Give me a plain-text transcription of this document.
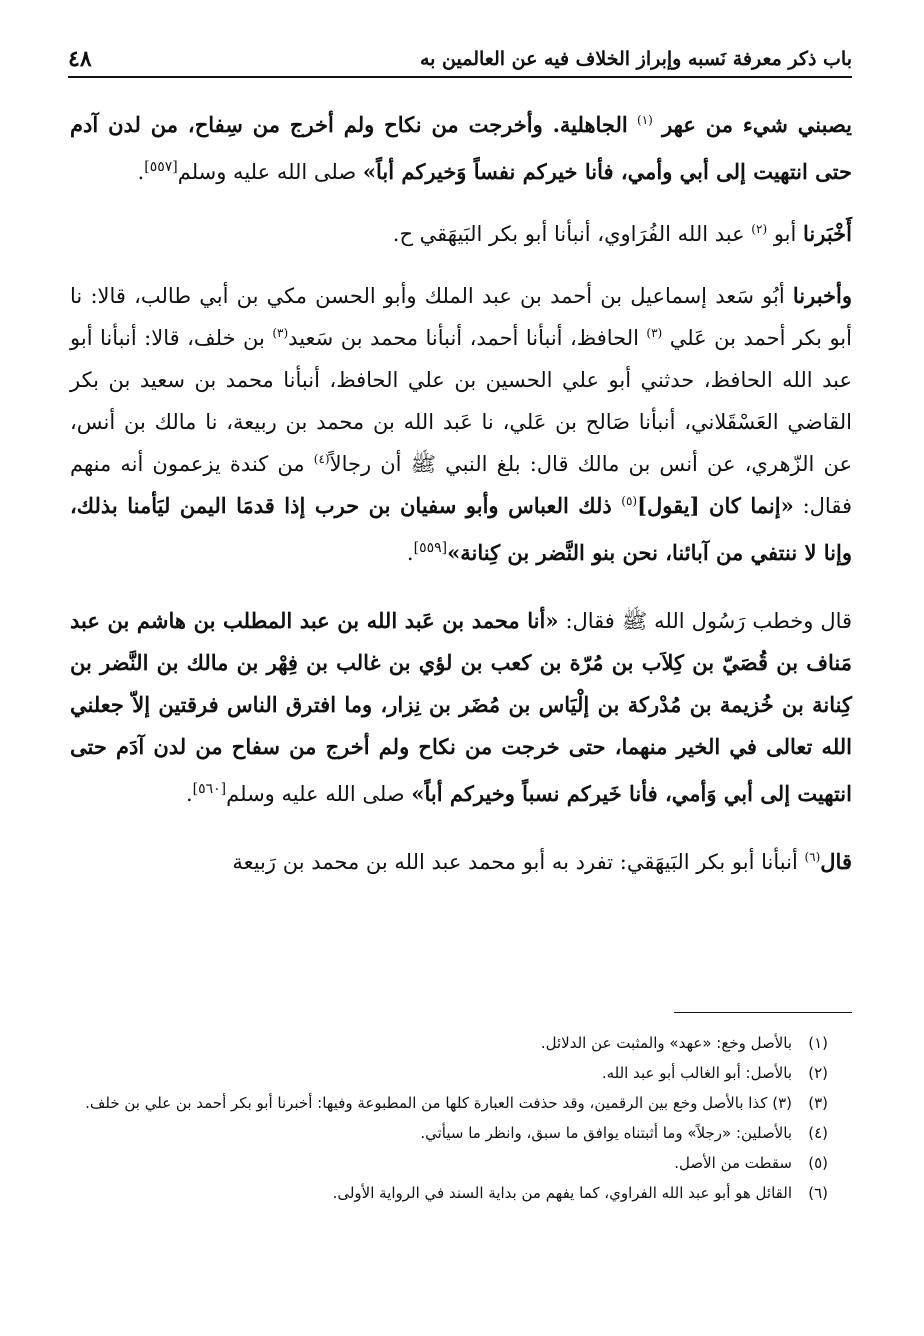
باب ذكر معرفة نَسبه وإبراز الخلاف فيه عن العالمين به
٤٨

يصبني شيء من عهر $^{(١)}$ الجاهلية. وأخرجت من نكاح ولم أخرج من سِفاح، من لدن آدم حتى انتهيت إلى أبي وأمي، فأنا خيركم نفساً وَخيركم أباً» صلى الله عليه وسلم[٥٥٧].

أَخْبَرنا أبو $^{(٢)}$ عبد الله الفُرَاوي، أنبأنا أبو بكر البَيهَقي ح.

وأخبرنا أبُو سَعد إسماعيل بن أحمد بن عبد الملك وأبو الحسن مكي بن أبي طالب، قالا: نا أبو بكر أحمد بن عَلي $^{(٣)}$ الحافظ، أنبأنا أحمد، أنبأنا محمد بن سَعيد$^{(٣)}$ بن خلف، قالا: أنبأنا أبو عبد الله الحافظ، حدثني أبو علي الحسين بن علي الحافظ، أنبأنا محمد بن سعيد بن بكر القاضي العَسْقَلاني، أنبأنا صَالح بن عَلي، نا عَبد الله بن محمد بن ربيعة، نا مالك بن أنس، عن الزّهري، عن أنس بن مالك قال: بلغ النبي ﷺ أن رجالاً$^{(٤)}$ من كندة يزعمون أنه منهم فقال: «إنما كان [يقول]$^{(٥)}$ ذلك العباس وأبو سفيان بن حرب إذا قدمَا اليمن ليَأمنا بذلك، وإنا لا ننتفي من آبائنا، نحن بنو النَّضر بن كِنانة»[٥٥٩].

قال وخطب رَسُول الله ﷺ فقال: «أنا محمد بن عَبد الله بن عبد المطلب بن هاشم بن عبد مَناف بن قُصَيّ بن كِلاَب بن مُرّة بن كعب بن لؤي بن غالب بن فِهْر بن مالك بن النَّضر بن كِنانة بن خُزيمة بن مُدْركة بن إلْيَاس بن مُضَر بن نِزار، وما افترق الناس فرقتين إلاّ جعلني الله تعالى في الخير منهما، حتى خرجت من نكاح ولم أخرج من سفاح من لدن آدَم حتى انتهيت إلى أبي وَأمي، فأنا خَيركم نسباً وخيركم أباً» صلى الله عليه وسلم[٥٦٠].

قال$^{(٦)}$ أنبأنا أبو بكر البَيهَقي: تفرد به أبو محمد عبد الله بن محمد بن رَبيعة

(١)
بالأصل وخع: «عهد» والمثبت عن الدلائل.
(٢)
بالأصل: أبو الغالب أبو عبد الله.
(٣)
(٣) كذا بالأصل وخع بين الرقمين، وقد حذفت العبارة كلها من المطبوعة وفيها: أخبرنا أبو بكر أحمد بن علي بن خلف.
(٤)
بالأصلين: «رجلاً» وما أثبتناه يوافق ما سبق، وانظر ما سيأتي.
(٥)
سقطت من الأصل.
(٦)
القائل هو أبو عبد الله الفراوي، كما يفهم من بداية السند في الرواية الأولى.
